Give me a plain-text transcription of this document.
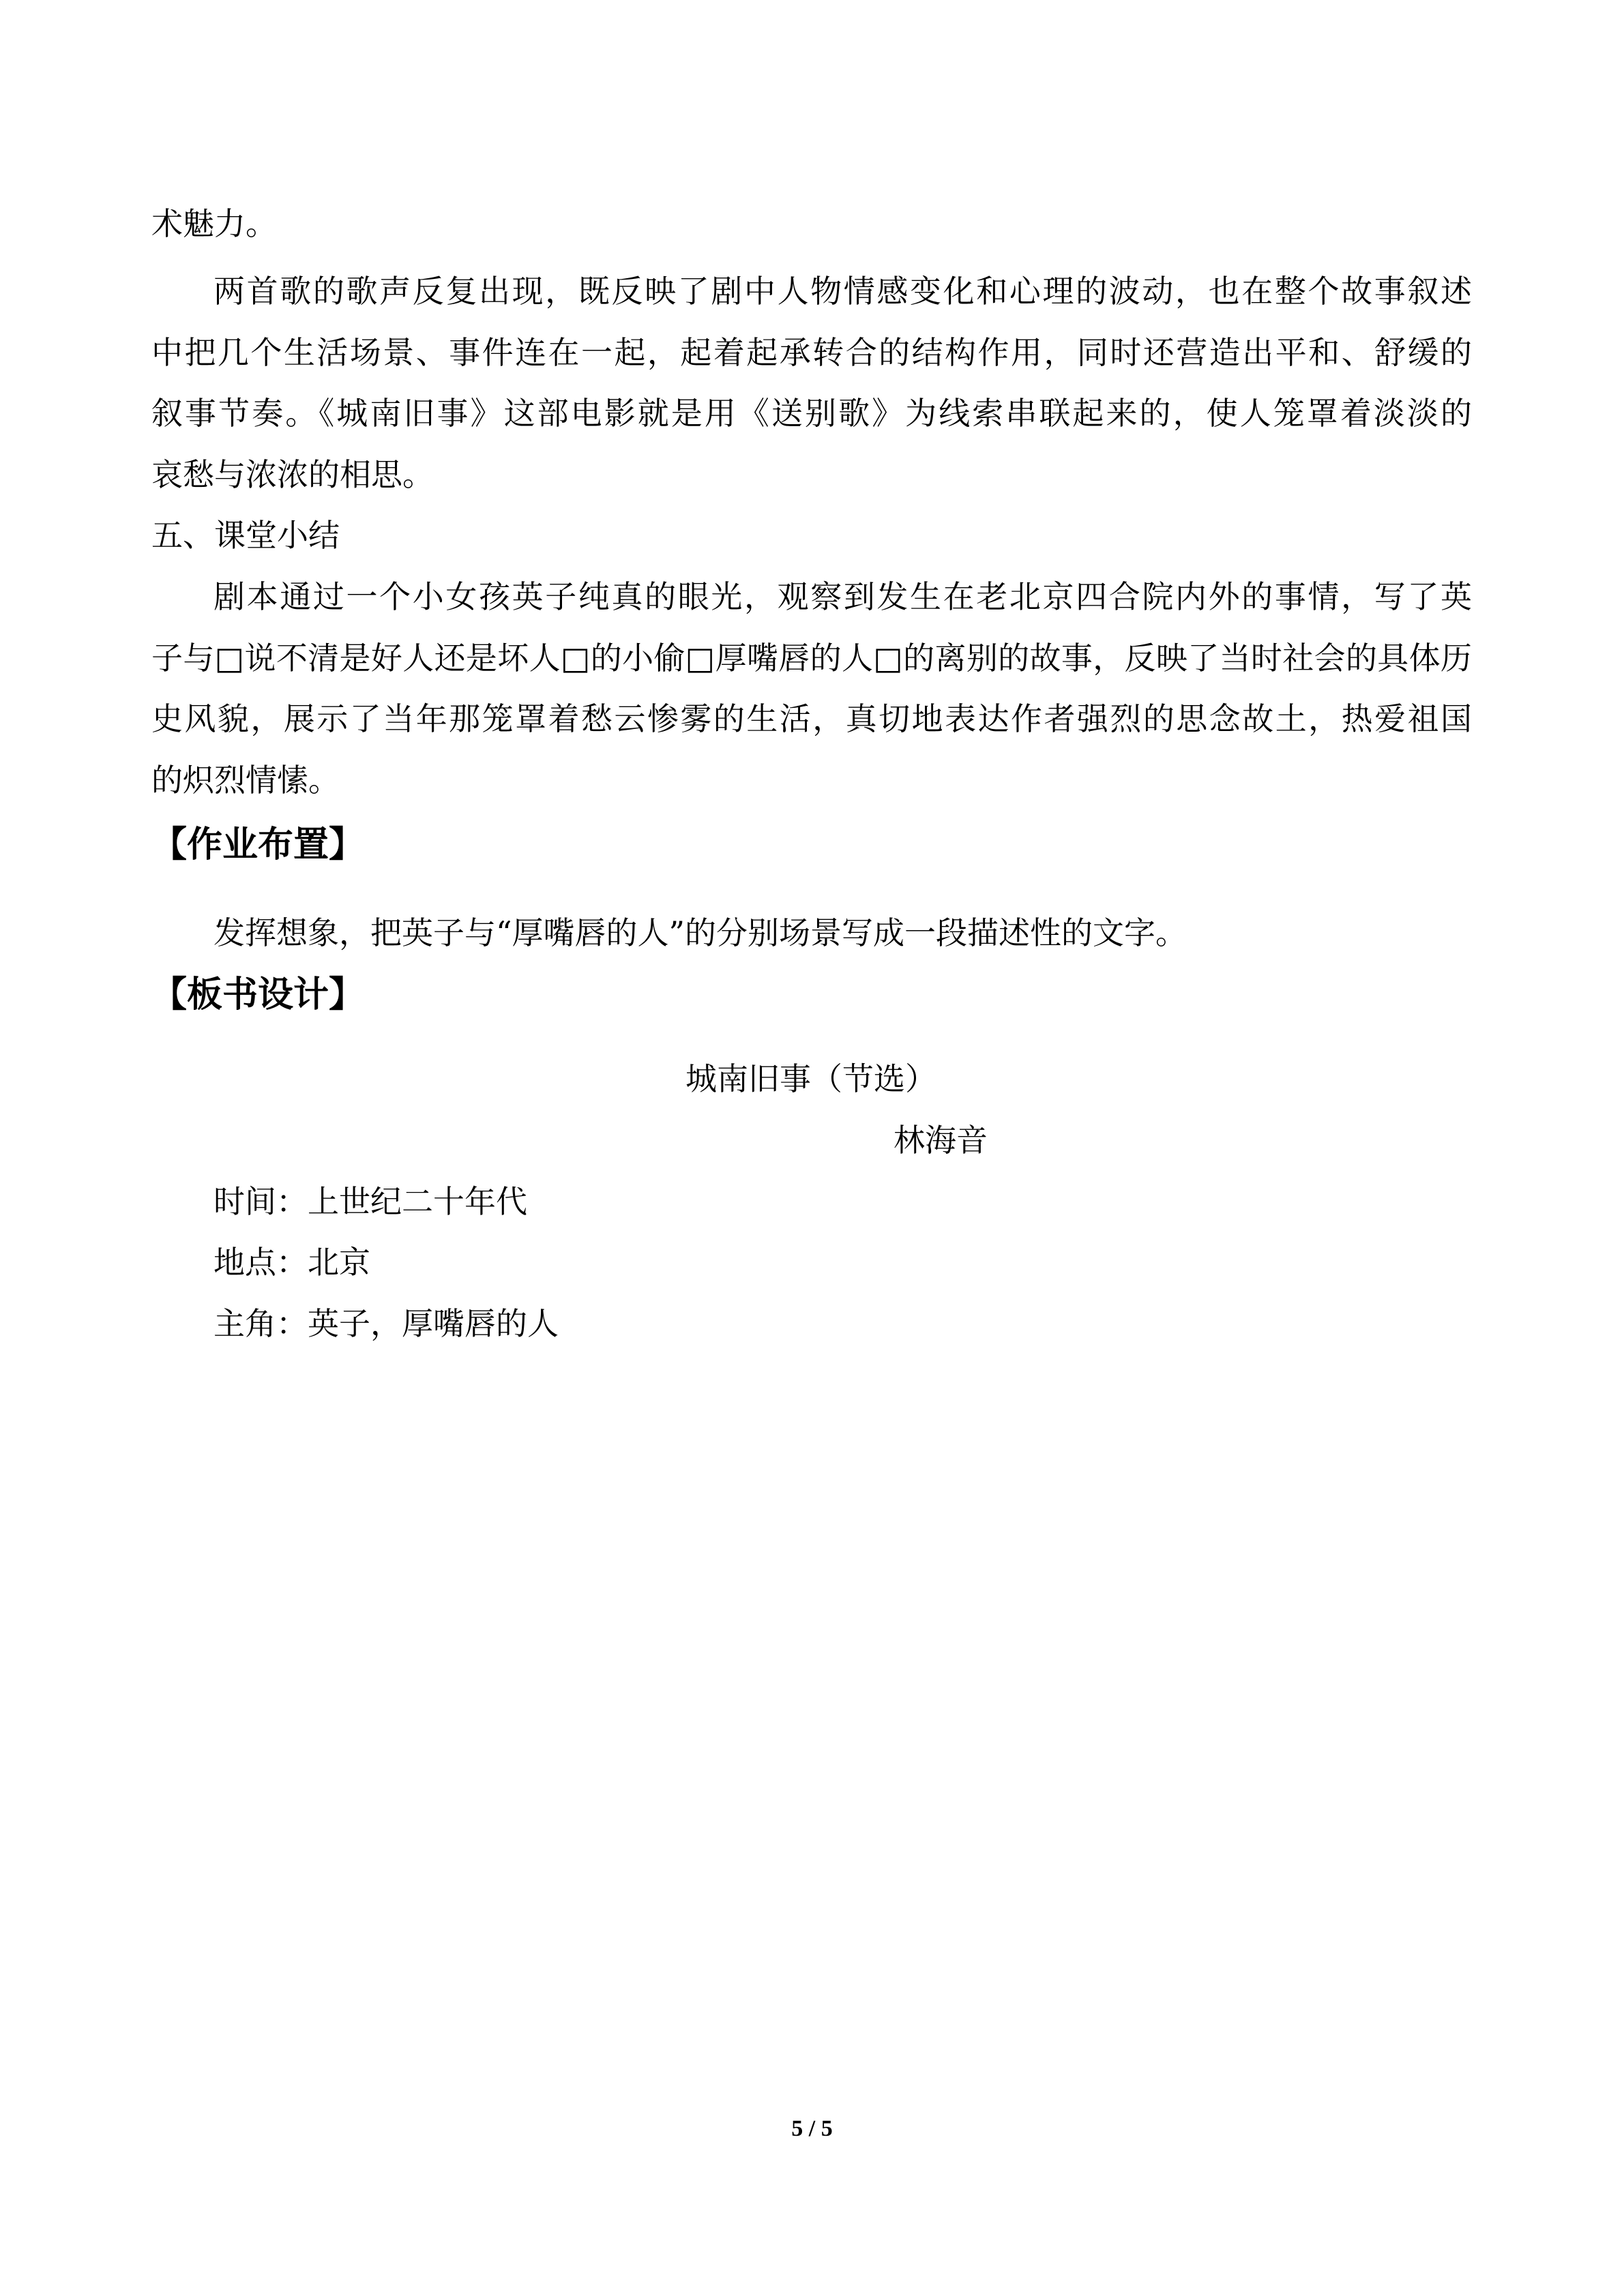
术魅力。
两首歌的歌声反复出现，既反映了剧中人物情感变化和心理的波动，也在整个故事叙述
中把几个生活场景、事件连在一起，起着起承转合的结构作用，同时还营造出平和、舒缓的
叙事节奏。《城南旧事》这部电影就是用《送别歌》为线索串联起来的，使人笼罩着淡淡的
哀愁与浓浓的相思。
五、课堂小结
剧本通过一个小女孩英子纯真的眼光，观察到发生在老北京四合院内外的事情，写了英
子与□说不清是好人还是坏人□的小偷□厚嘴唇的人□的离别的故事，反映了当时社会的具体历
史风貌，展示了当年那笼罩着愁云惨雾的生活，真切地表达作者强烈的思念故土，热爱祖国
的炽烈情愫。
【作业布置】
发挥想象，把英子与“厚嘴唇的人”的分别场景写成一段描述性的文字。
【板书设计】
城南旧事（节选）
林海音
时间：上世纪二十年代
地点：北京
主角：英子，厚嘴唇的人
5 / 5
